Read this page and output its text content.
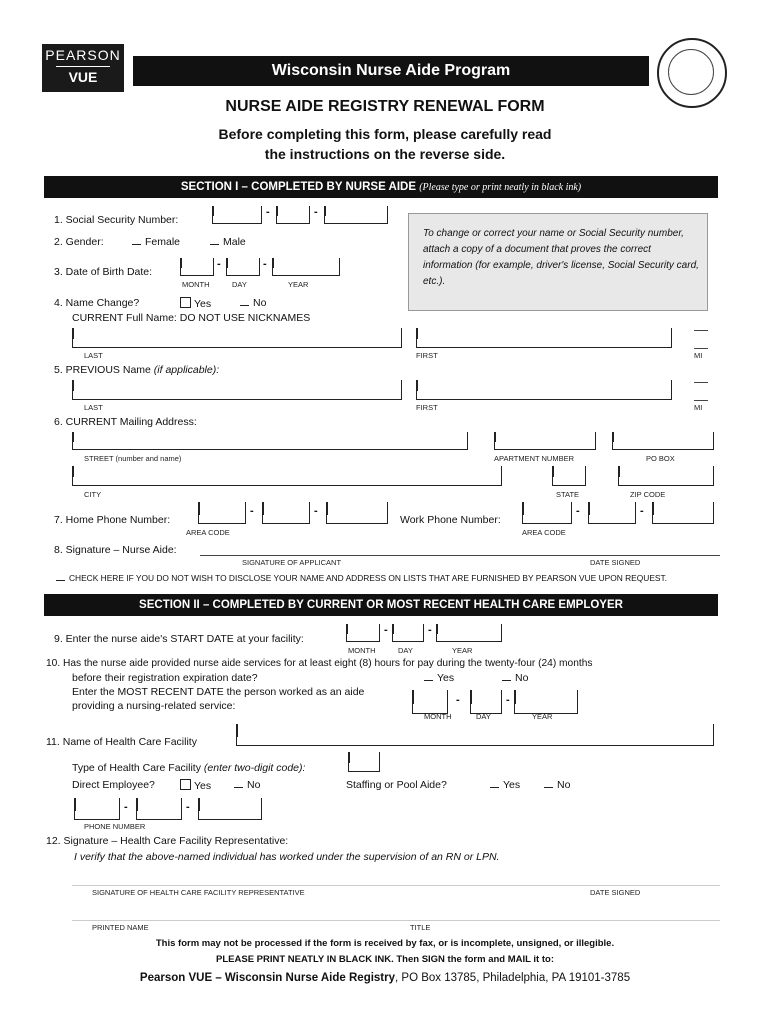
PEARSON
VUE	Wisconsin Nurse Aide Program
NURSE AIDE REGISTRY RENEWAL FORM
Before completing this form, please carefully read
the instructions on the reverse side.
SECTION I – COMPLETED BY NURSE AIDE (Please type or print neatly in black ink)
1. Social Security Number:
-	-
2. Gender:	Female	Male
3. Date of Birth Date:
-	-
MONTH	DAY	YEAR
To change or correct your name or Social Security number, attach a copy of a document that proves the correct information (for example, driver's license, Social Security card, etc.).
4. Name Change?	Yes	No
CURRENT Full Name: DO NOT USE NICKNAMES
LAST	FIRST	MI
5. PREVIOUS Name (if applicable):
LAST	FIRST	MI
6. CURRENT Mailing Address:
STREET (number and name)	APARTMENT NUMBER	PO BOX
CITY	STATE	ZIP CODE
7. Home Phone Number:
-	-
AREA CODE
Work Phone Number:
-	-
AREA CODE
8. Signature – Nurse Aide:
SIGNATURE OF APPLICANT	DATE SIGNED
CHECK HERE IF YOU DO NOT WISH TO DISCLOSE YOUR NAME AND ADDRESS ON LISTS THAT ARE FURNISHED BY PEARSON VUE UPON REQUEST.
SECTION II – COMPLETED BY CURRENT OR MOST RECENT HEALTH CARE EMPLOYER
9. Enter the nurse aide's START DATE at your facility:
-	-
MONTH	DAY	YEAR
10. Has the nurse aide provided nurse aide services for at least eight (8) hours for pay during the twenty-four (24) months
before their registration expiration date?	Yes	No
Enter the MOST RECENT DATE the person worked as an aide
providing a nursing-related service:	-	-
MONTH	DAY	YEAR
11. Name of Health Care Facility
Type of Health Care Facility (enter two-digit code):
Direct Employee?	Yes	No	Staffing or Pool Aide?	Yes	No
-	-
PHONE NUMBER
12. Signature – Health Care Facility Representative:
I verify that the above-named individual has worked under the supervision of an RN or LPN.
SIGNATURE OF HEALTH CARE FACILITY REPRESENTATIVE	DATE SIGNED
PRINTED NAME	TITLE
This form may not be processed if the form is received by fax, or is incomplete, unsigned, or illegible.
PLEASE PRINT NEATLY IN BLACK INK. Then SIGN the form and MAIL it to:
Pearson VUE – Wisconsin Nurse Aide Registry, PO Box 13785, Philadelphia, PA 19101-3785
